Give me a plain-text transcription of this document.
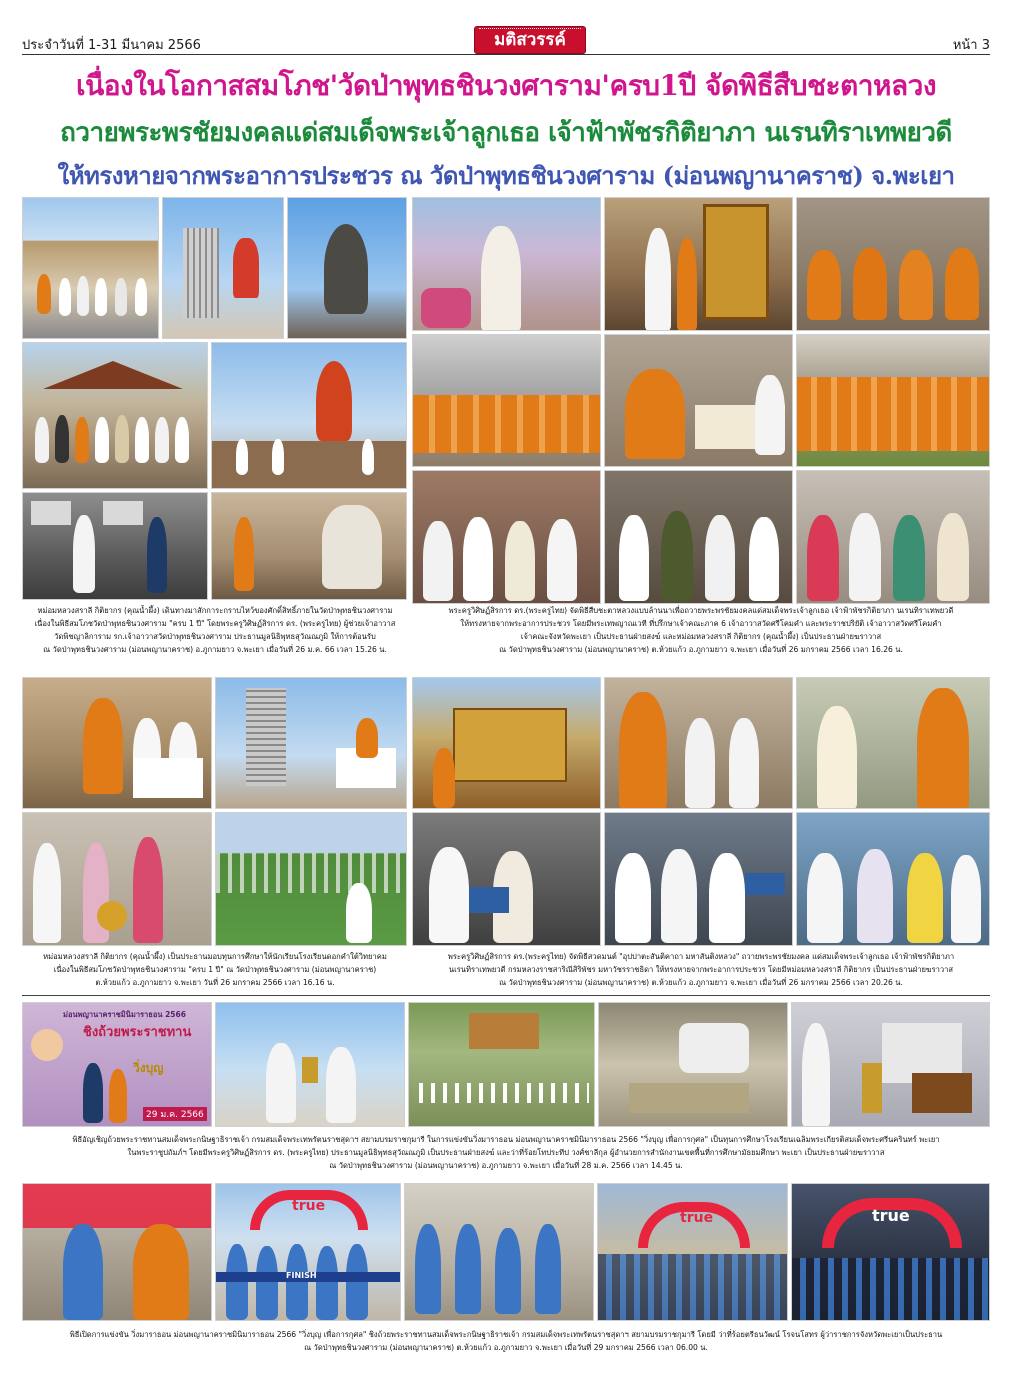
ประจำวันที่ 1-31 มีนาคม 2566	มติสวรรค์	หน้า 3
เนื่องในโอกาสสมโภช'วัดป่าพุทธชินวงศาราม'ครบ1ปี จัดพิธีสืบชะตาหลวง
ถวายพระพรชัยมงคลแด่สมเด็จพระเจ้าลูกเธอ เจ้าฟ้าพัชรกิติยาภา นเรนทิราเทพยวดี
ให้ทรงหายจากพระอาการประชวร ณ วัดป่าพุทธชินวงศาราม (ม่อนพญานาคราช) จ.พะเยา
หม่อมหลวงสราลี กิติยากร (คุณน้ำผึ้ง) เดินทางมาสักการะกราบไหว้ของศักดิ์สิทธิ์ภายในวัดป่าพุทธชินวงศาราม
เนื่องในพิธีสมโภชวัดป่าพุทธชินวงศาราม "ครบ 1 ปี" โดยพระครูวิศิษฏ์สิรการ ดร. (พระครูไทย) ผู้ช่วยเจ้าอาวาส
วัดพิชญาลิการาม รก.เจ้าอาวาสวัดป่าพุทธชินวงศาราม ประธานมูลนิธิพุทธสุวัณณภูมิ ให้การต้อนรับ
ณ วัดป่าพุทธชินวงศาราม (ม่อนพญานาคราช) อ.ภูกามยาว จ.พะเยา เมื่อวันที่ 26 ม.ค. 66 เวลา 15.26 น.
พระครูวิศิษฏ์สิรการ ดร.(พระครูไทย) จัดพิธีสืบชะตาหลวงแบบล้านนาเพื่อถวายพระพรชัยมงคลแด่สมเด็จพระเจ้าลูกเธอ เจ้าฟ้าพัชรกิติยาภา นเรนทิราเทพยวดี
ให้ทรงหายจากพระอาการประชวร โดยมีพระเทพญาณเวที ที่ปรึกษาเจ้าคณะภาค 6 เจ้าอาวาสวัดศรีโคมคำ และพระราชปริยัติ เจ้าอาวาสวัดศรีโคมคำ
เจ้าคณะจังหวัดพะเยา เป็นประธานฝ่ายสงฆ์ และหม่อมหลวงสราลี กิติยากร (คุณน้ำผึ้ง) เป็นประธานฝ่ายฆราวาส
ณ วัดป่าพุทธชินวงศาราม (ม่อนพญานาคราช) ต.ห้วยแก้ว อ.ภูกามยาว จ.พะเยา เมื่อวันที่ 26 มกราคม 2566 เวลา 16.26 น.
หม่อมหลวงสราลี กิติยากร (คุณน้ำผึ้ง) เป็นประธานมอบทุนการศึกษาให้นักเรียนโรงเรียนดอกคำใต้วิทยาคม
เนื่องในพิธีสมโภชวัดป่าพุทธชินวงศาราม "ครบ 1 ปี" ณ วัดป่าพุทธชินวงศาราม (ม่อนพญานาคราช)
ต.ห้วยแก้ว อ.ภูกามยาว จ.พะเยา วันที่ 26 มกราคม 2566 เวลา 16.16 น.
พระครูวิศิษฏ์สิรการ ดร.(พระครูไทย) จัดพิธีสวดมนต์ "อุปปาตะสันติคาถา มหาสันติงหลวง" ถวายพระพรชัยมงคล แด่สมเด็จพระเจ้าลูกเธอ เจ้าฟ้าพัชรกิติยาภา
นเรนทิราเทพยวดี กรมหลวงราชสาริณีสิริพัชร มหาวัชรราชธิดา ให้ทรงหายจากพระอาการประชวร โดยมีหม่อมหลวงสราลี กิติยากร เป็นประธานฝ่ายฆราวาส
ณ วัดป่าพุทธชินวงศาราม (ม่อนพญานาคราช) ต.ห้วยแก้ว อ.ภูกามยาว จ.พะเยา เมื่อวันที่ 26 มกราคม 2566 เวลา 20.26 น.
ม่อนพญานาคราชมินิมาราธอน 2566
ชิงถ้วยพระราชทาน
วิ่งบุญ
29 ม.ค. 2566
พิธีอัญเชิญถ้วยพระราชทานสมเด็จพระกนิษฐาธิราชเจ้า กรมสมเด็จพระเทพรัตนราชสุดาฯ สยามบรมราชกุมารี ในการแข่งขันวิ่งมาราธอน ม่อนพญานาคราชมินิมาราธอน 2566 "วิ่งบุญ เพื่อการกุศล" เป็นทุนการศึกษาโรงเรียนเฉลิมพระเกียรติสมเด็จพระศรีนครินทร์ พะเยา
ในพระราชูปถัมภ์ฯ โดยมีพระครูวิศิษฏ์สิรการ ดร. (พระครูไทย) ประธานมูลนิธิพุทธสุวัณณภูมิ เป็นประธานฝ่ายสงฆ์ และว่าที่ร้อยโทประทีป วงศ์ชาลีกุล ผู้อำนวยการสำนักงานเขตพื้นที่การศึกษามัธยมศึกษา พะเยา เป็นประธานฝ่ายฆราวาส
ณ วัดป่าพุทธชินวงศาราม (ม่อนพญานาคราช) อ.ภูกามยาว จ.พะเยา เมื่อวันที่ 28 ม.ค. 2566 เวลา 14.45 น.
true
FINISH
true	true
พิธีเปิดการแข่งขัน วิ่งมาราธอน ม่อนพญานาคราชมินิมาราธอน 2566 "วิ่งบุญ เพื่อการกุศล" ชิงถ้วยพระราชทานสมเด็จพระกนิษฐาธิราชเจ้า กรมสมเด็จพระเทพรัตนราชสุดาฯ สยามบรมราชกุมารี โดยมี ว่าที่ร้อยตรีธนวัฒน์ โรจนโสทร ผู้ว่าราชการจังหวัดพะเยาเป็นประธาน
ณ วัดป่าพุทธชินวงศาราม (ม่อนพญานาคราช) ต.ห้วยแก้ว อ.ภูกามยาว จ.พะเยา เมื่อวันที่ 29 มกราคม 2566 เวลา 06.00 น.
